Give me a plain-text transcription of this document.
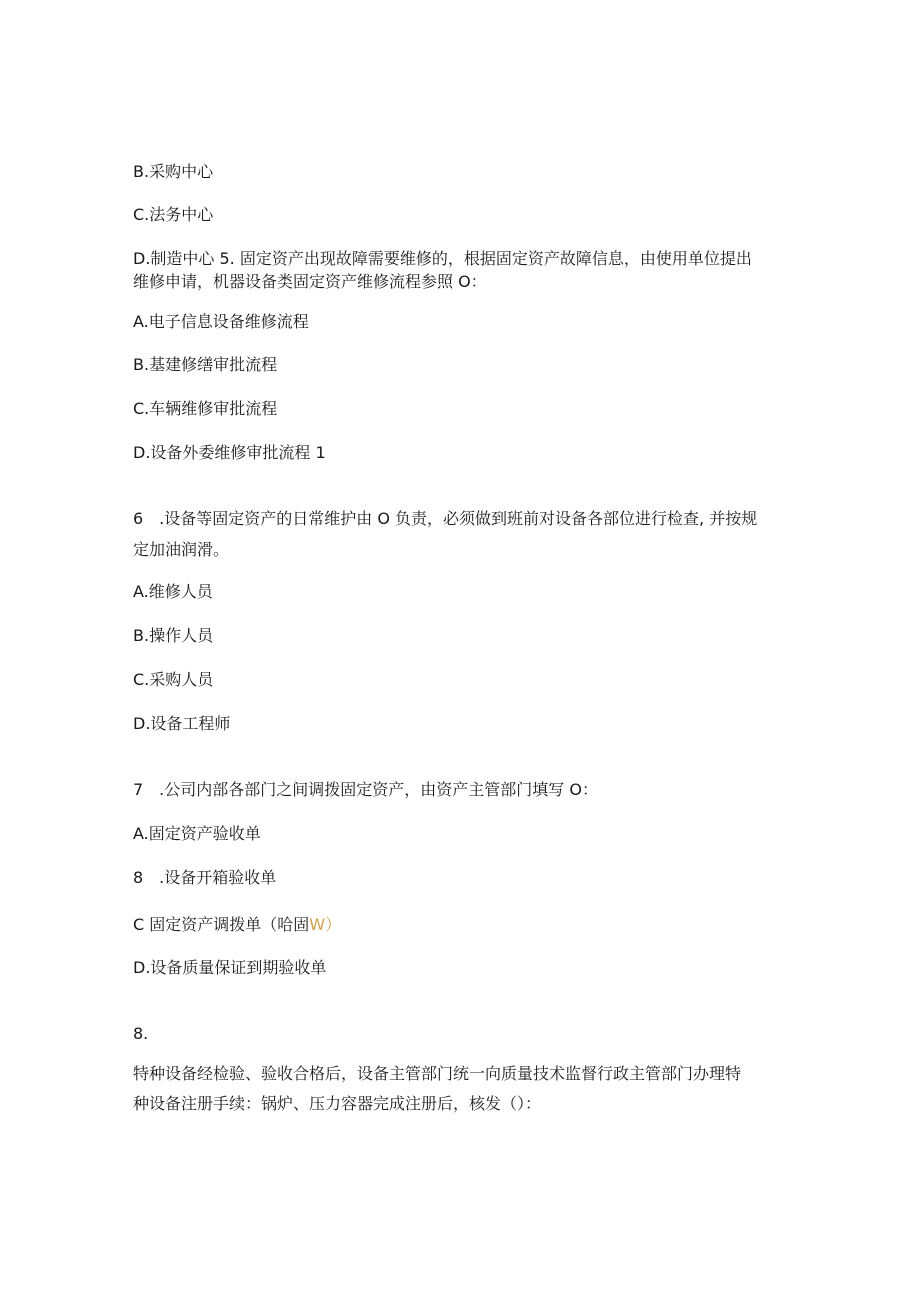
B.采购中心
C.法务中心
D.制造中心 5. 固定资产出现故障需要维修的，根据固定资产故障信息，由使用单位提出
维修申请，机器设备类固定资产维修流程参照 O：
A.电子信息设备维修流程
B.基建修缮审批流程
C.车辆维修审批流程
D.设备外委维修审批流程 1
6　.设备等固定资产的日常维护由 O 负责，必须做到班前对设备各部位进行检查, 并按规
定加油润滑。
A.维修人员
B.操作人员
C.采购人员
D.设备工程师
7　.公司内部各部门之间调拨固定资产，由资产主管部门填写 O：
A.固定资产验收单
8　.设备开箱验收单
C 固定资产调拨单（哈固W）
D.设备质量保证到期验收单
8.
特种设备经检验、验收合格后，设备主管部门统一向质量技术监督行政主管部门办理特
种设备注册手续：锅炉、压力容器完成注册后，核发（）：
